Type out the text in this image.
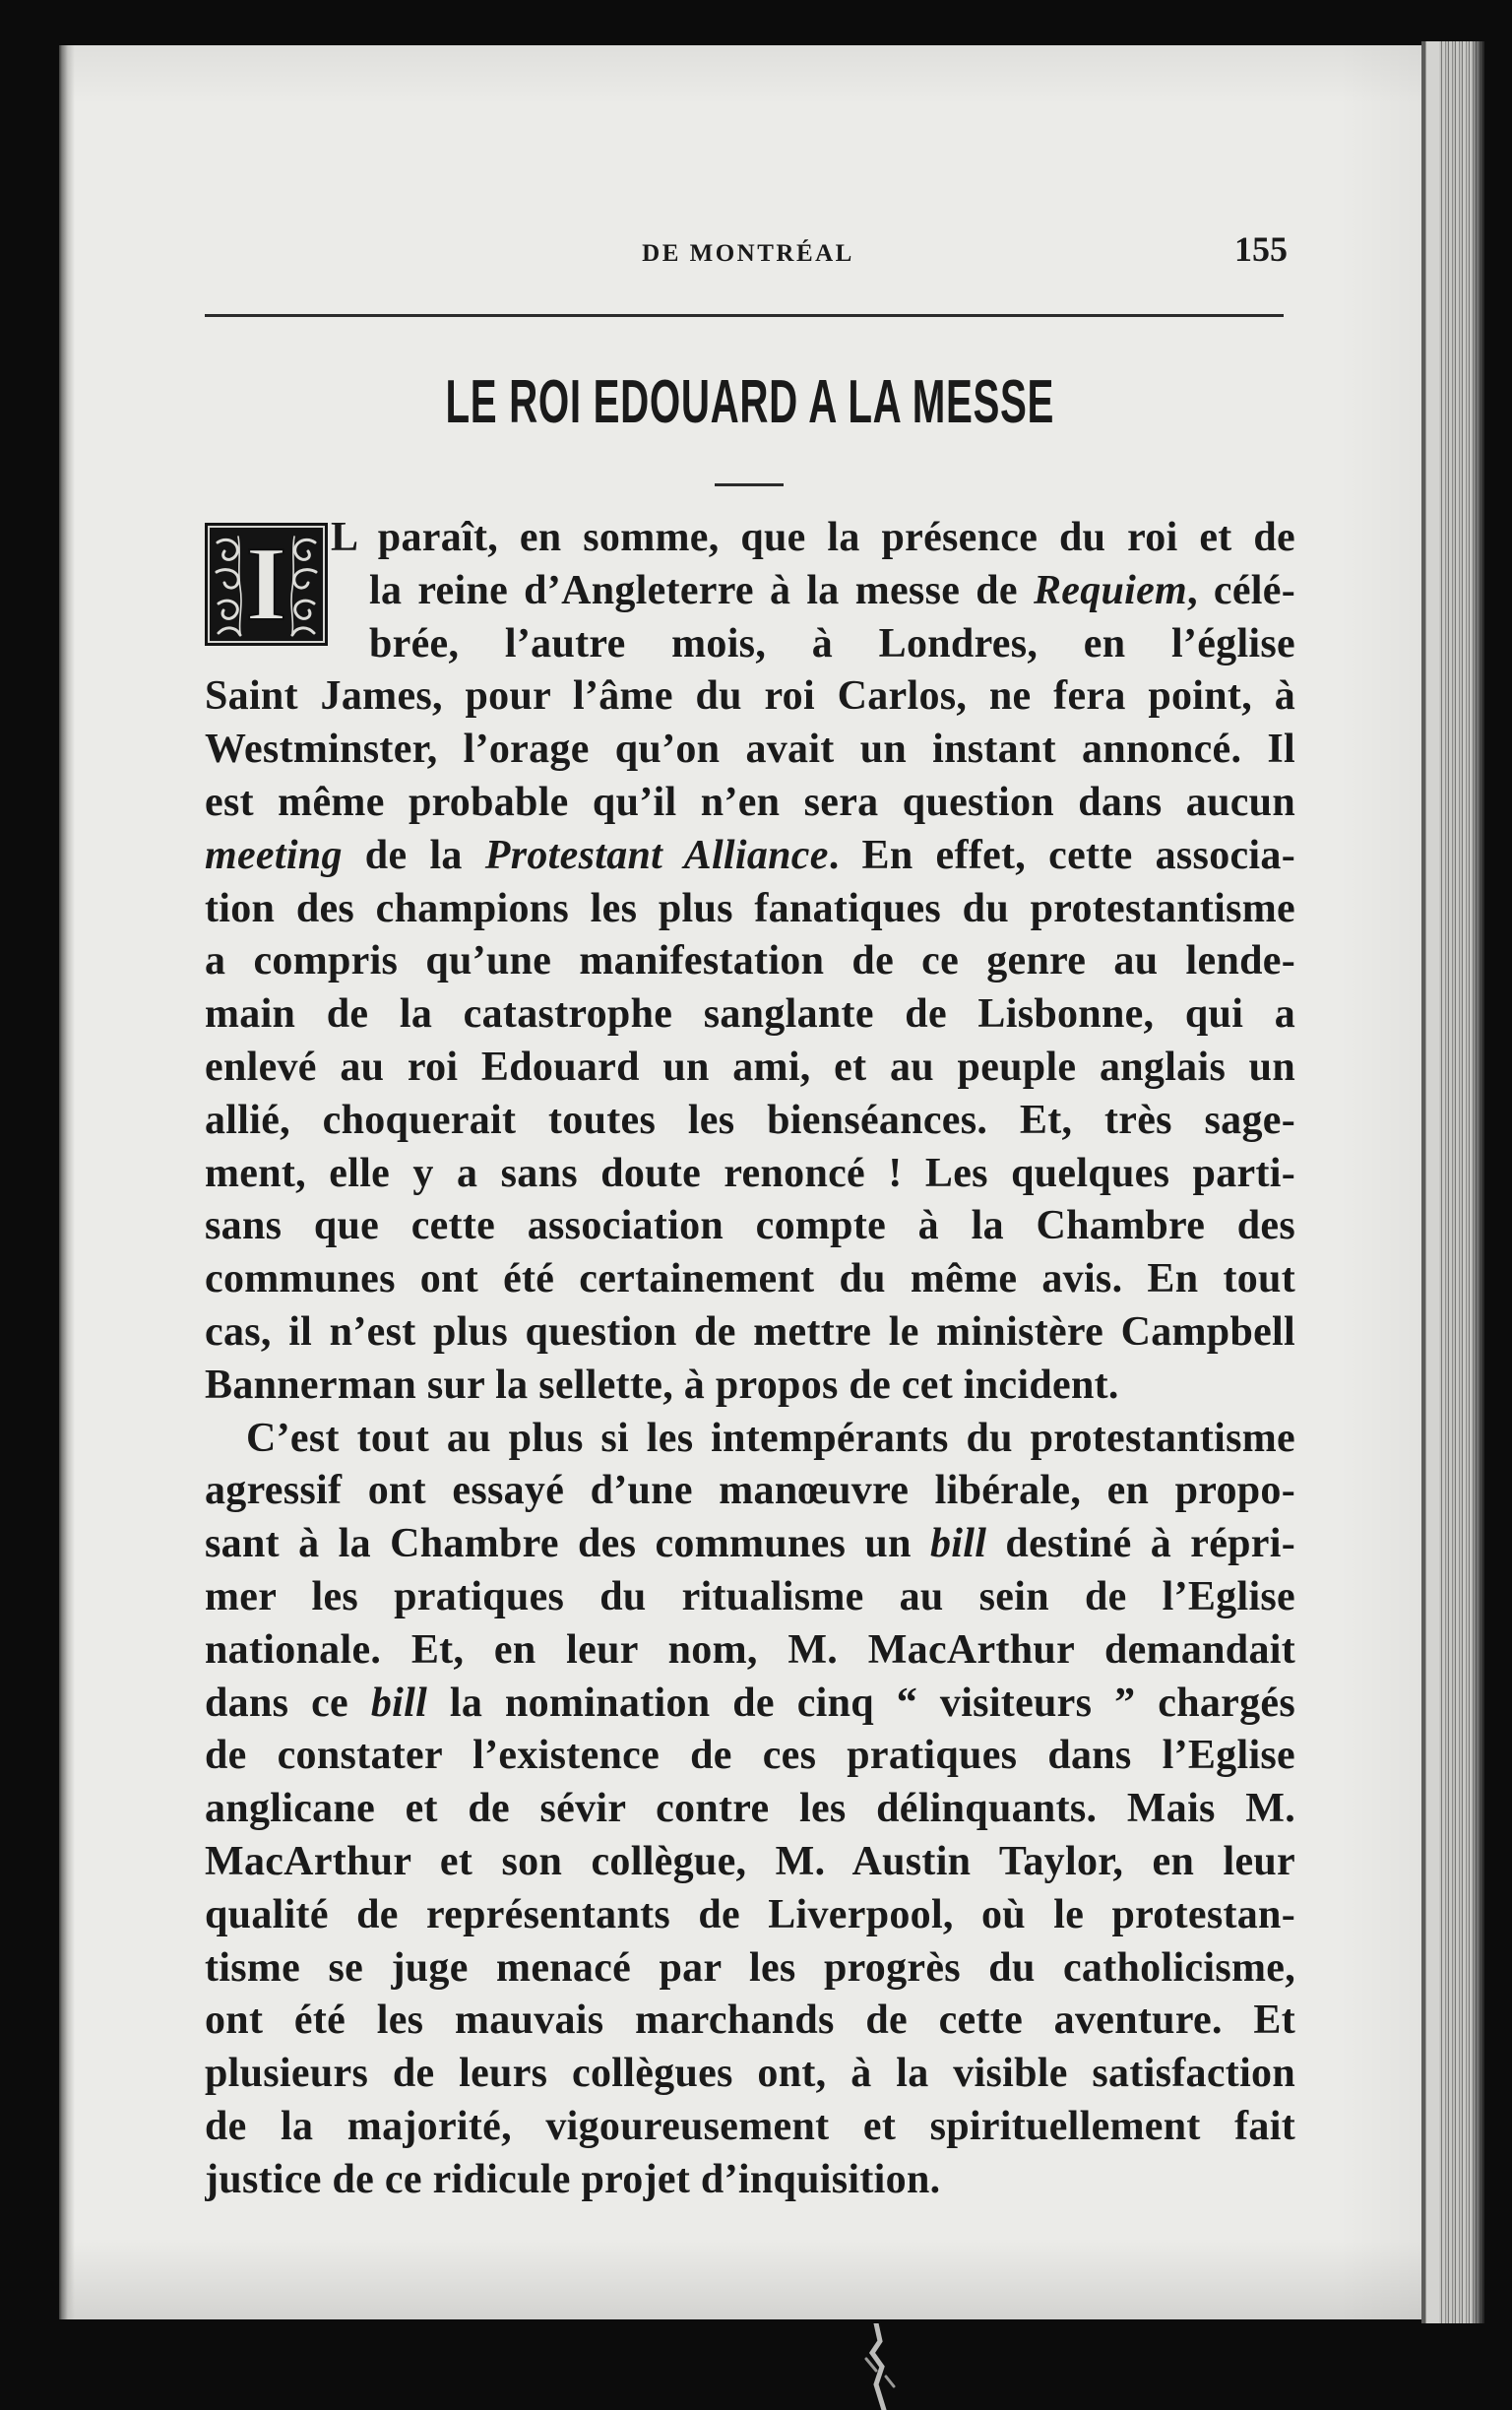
DE MONTRÉAL	155
LE ROI EDOUARD A LA MESSE
I L paraît, en somme, que la présence du roi et de
la reine d’Angleterre à la messe de Requiem, célé-
brée, l’autre mois, à Londres, en l’église
Saint James, pour l’âme du roi Carlos, ne fera point, à
Westminster, l’orage qu’on avait un instant annoncé. Il
est même probable qu’il n’en sera question dans aucun
meeting de la Protestant Alliance. En effet, cette associa-
tion des champions les plus fanatiques du protestantisme
a compris qu’une manifestation de ce genre au lende-
main de la catastrophe sanglante de Lisbonne, qui a
enlevé au roi Edouard un ami, et au peuple anglais un
allié, choquerait toutes les bienséances. Et, très sage-
ment, elle y a sans doute renoncé ! Les quelques parti-
sans que cette association compte à la Chambre des
communes ont été certainement du même avis. En tout
cas, il n’est plus question de mettre le ministère Campbell
Bannerman sur la sellette, à propos de cet incident.
C’est tout au plus si les intempérants du protestantisme
agressif ont essayé d’une manœuvre libérale, en propo-
sant à la Chambre des communes un bill destiné à répri-
mer les pratiques du ritualisme au sein de l’Eglise
nationale. Et, en leur nom, M. MacArthur demandait
dans ce bill la nomination de cinq “ visiteurs ” chargés
de constater l’existence de ces pratiques dans l’Eglise
anglicane et de sévir contre les délinquants. Mais M.
MacArthur et son collègue, M. Austin Taylor, en leur
qualité de représentants de Liverpool, où le protestan-
tisme se juge menacé par les progrès du catholicisme,
ont été les mauvais marchands de cette aventure. Et
plusieurs de leurs collègues ont, à la visible satisfaction
de la majorité, vigoureusement et spirituellement fait
justice de ce ridicule projet d’inquisition.
